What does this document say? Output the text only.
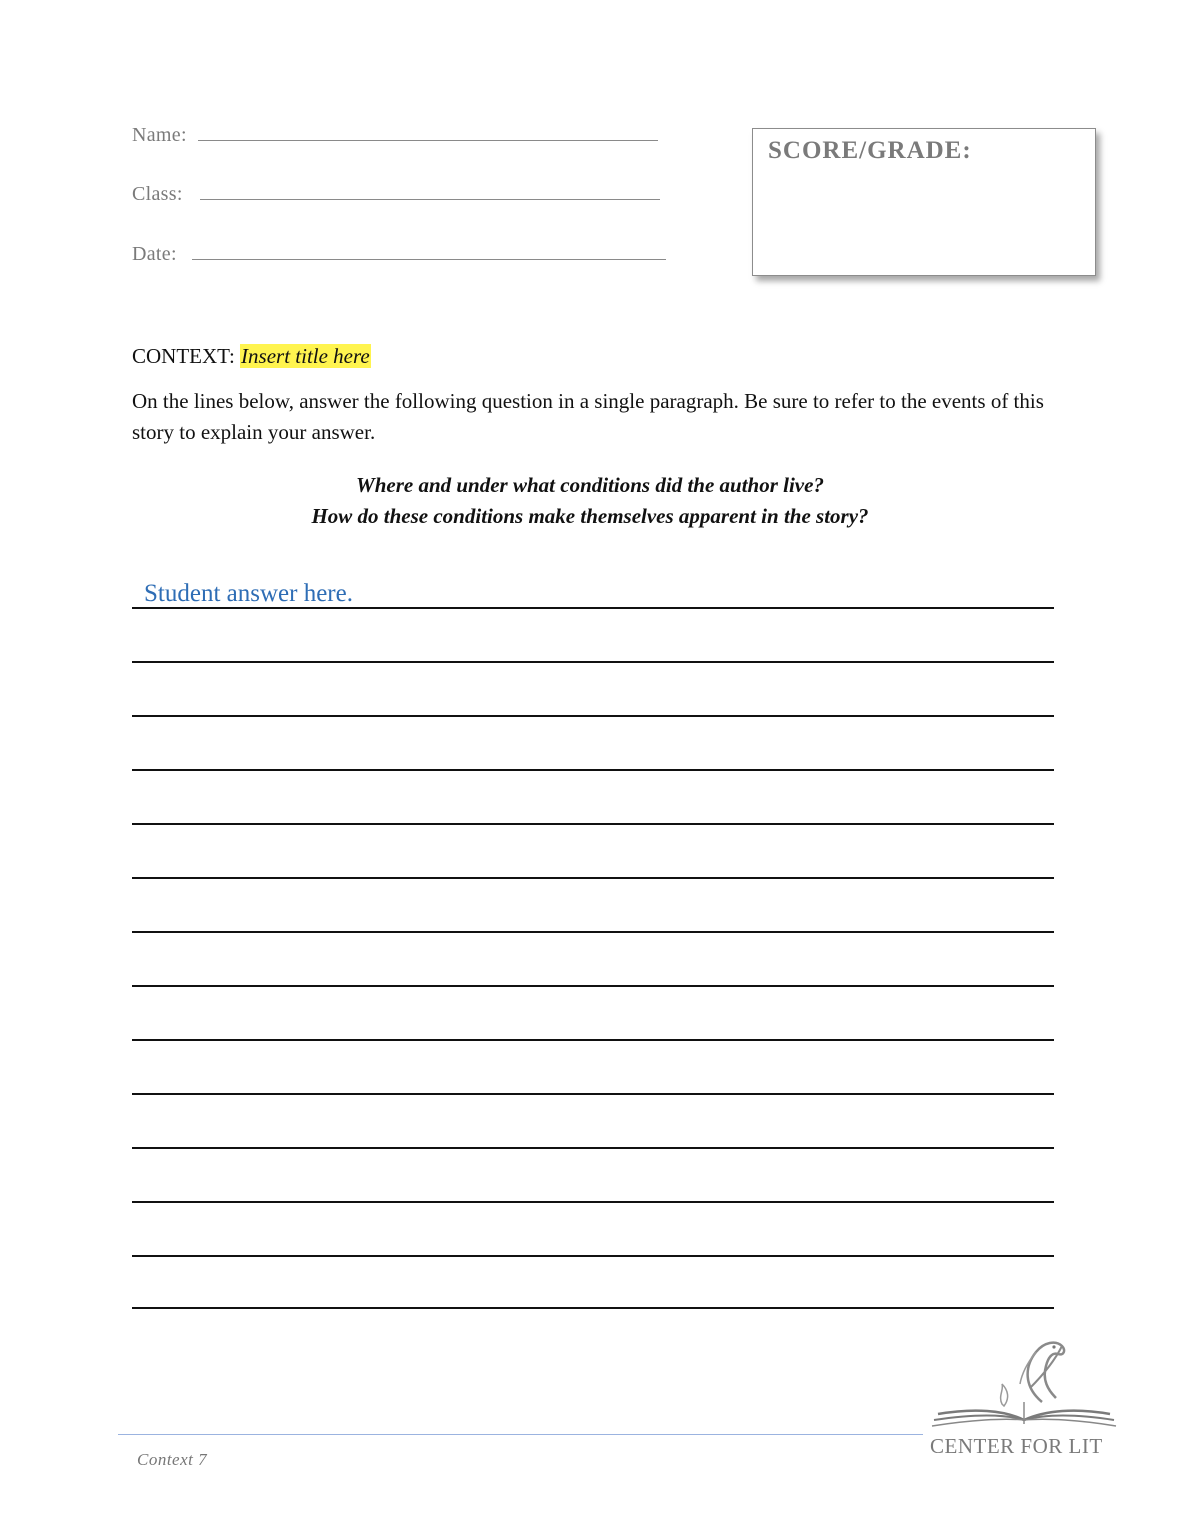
Name:
Class:
Date:
SCORE/GRADE:
CONTEXT: Insert title here
On the lines below, answer the following question in a single paragraph. Be sure to refer to the events of this story to explain your answer.
Where and under what conditions did the author live?
How do these conditions make themselves apparent in the story?
Student answer here.
Context 7
CENTER FOR LIT
